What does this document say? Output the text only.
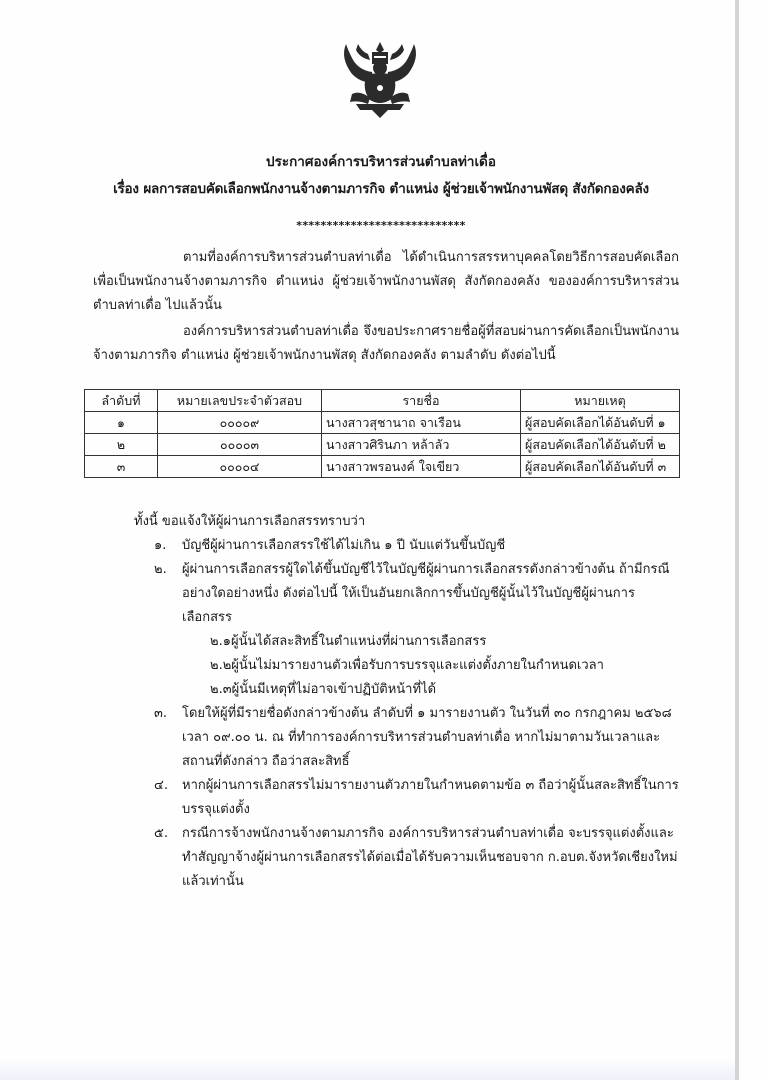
ประกาศองค์การบริหารส่วนตำบลท่าเดื่อ
เรื่อง ผลการสอบคัดเลือกพนักงานจ้างตามภารกิจ ตำแหน่ง ผู้ช่วยเจ้าพนักงานพัสดุ สังกัดกองคลัง
****************************
ตามที่องค์การบริหารส่วนตำบลท่าเดื่อ ได้ดำเนินการสรรหาบุคคลโดยวิธีการสอบคัดเลือก เพื่อเป็นพนักงานจ้างตามภารกิจ ตำแหน่ง ผู้ช่วยเจ้าพนักงานพัสดุ สังกัดกองคลัง ขององค์การบริหารส่วนตำบลท่าเดื่อ ไปแล้วนั้น
องค์การบริหารส่วนตำบลท่าเดื่อ จึงขอประกาศรายชื่อผู้ที่สอบผ่านการคัดเลือกเป็นพนักงานจ้างตามภารกิจ ตำแหน่ง ผู้ช่วยเจ้าพนักงานพัสดุ สังกัดกองคลัง ตามลำดับ ดังต่อไปนี้
ลำดับที่	หมายเลขประจำตัวสอบ	รายชื่อ	หมายเหตุ
๑	๐๐๐๐๙	นางสาวสุชานาถ จาเรือน	ผู้สอบคัดเลือกได้อันดับที่ ๑
๒	๐๐๐๐๓	นางสาวศิรินภา หล้าลัว	ผู้สอบคัดเลือกได้อันดับที่ ๒
๓	๐๐๐๐๔	นางสาวพรอนงค์ ใจเขียว	ผู้สอบคัดเลือกได้อันดับที่ ๓
ทั้งนี้ ขอแจ้งให้ผู้ผ่านการเลือกสรรทราบว่า
๑. บัญชีผู้ผ่านการเลือกสรรใช้ได้ไม่เกิน ๑ ปี นับแต่วันขึ้นบัญชี
๒. ผู้ผ่านการเลือกสรรผู้ใดได้ขึ้นบัญชีไว้ในบัญชีผู้ผ่านการเลือกสรรดังกล่าวข้างต้น ถ้ามีกรณีอย่างใดอย่างหนึ่ง ดังต่อไปนี้ ให้เป็นอันยกเลิกการขึ้นบัญชีผู้นั้นไว้ในบัญชีผู้ผ่านการเลือกสรร
๒.๑ผู้นั้นได้สละสิทธิ์ในตำแหน่งที่ผ่านการเลือกสรร
๒.๒ผู้นั้นไม่มารายงานตัวเพื่อรับการบรรจุและแต่งตั้งภายในกำหนดเวลา
๒.๓ผู้นั้นมีเหตุที่ไม่อาจเข้าปฏิบัติหน้าที่ได้
๓. โดยให้ผู้ที่มีรายชื่อดังกล่าวข้างต้น ลำดับที่ ๑ มารายงานตัว ในวันที่ ๓๐ กรกฎาคม ๒๕๖๘ เวลา ๐๙.๐๐ น. ณ ที่ทำการองค์การบริหารส่วนตำบลท่าเดื่อ หากไม่มาตามวันเวลาและสถานที่ดังกล่าว ถือว่าสละสิทธิ์
๔. หากผู้ผ่านการเลือกสรรไม่มารายงานตัวภายในกำหนดตามข้อ ๓ ถือว่าผู้นั้นสละสิทธิ์ในการบรรจุแต่งตั้ง
๕. กรณีการจ้างพนักงานจ้างตามภารกิจ องค์การบริหารส่วนตำบลท่าเดื่อ จะบรรจุแต่งตั้งและทำสัญญาจ้างผู้ผ่านการเลือกสรรได้ต่อเมื่อได้รับความเห็นชอบจาก ก.อบต.จังหวัดเชียงใหม่แล้วเท่านั้น
